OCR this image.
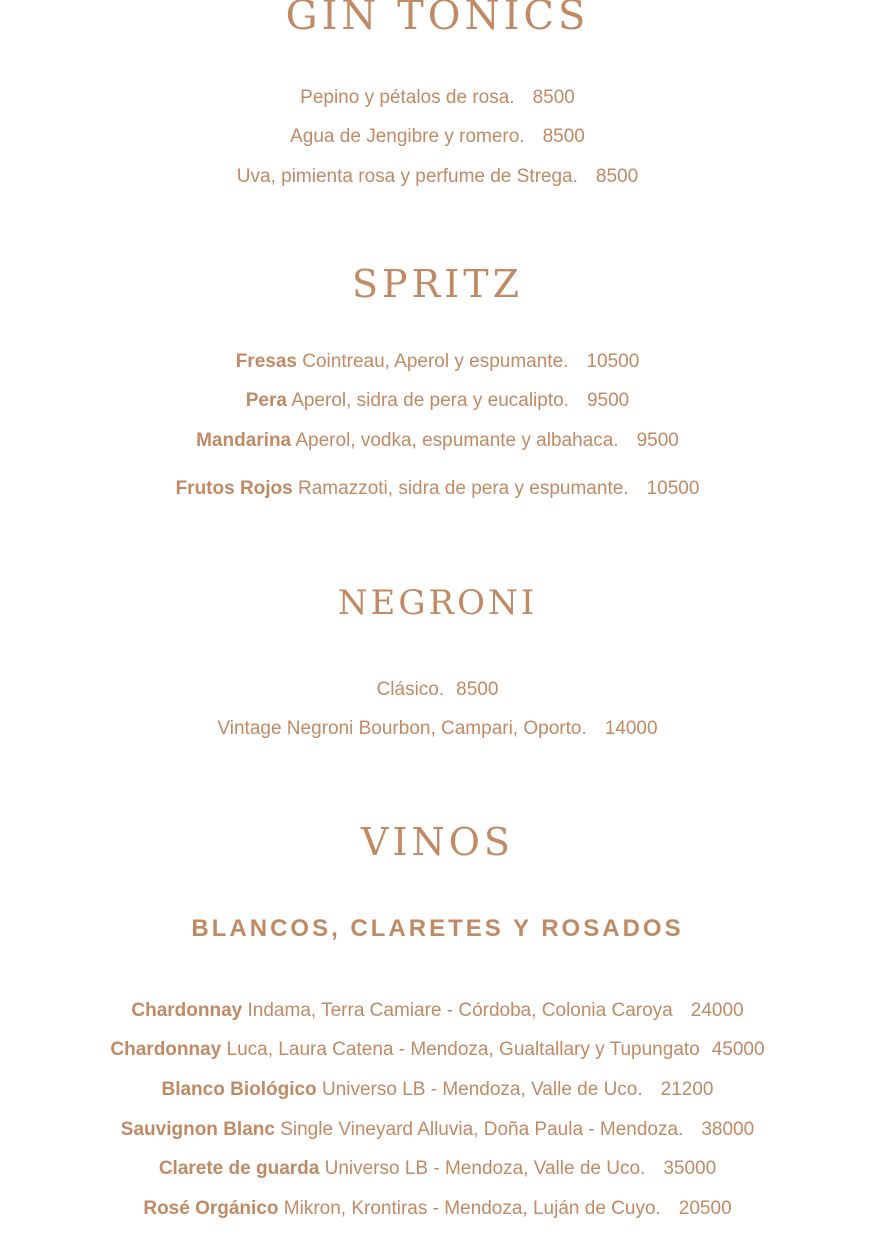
GIN TONICS
Pepino y pétalos de rosa. 8500
Agua de Jengibre y romero. 8500
Uva, pimienta rosa y perfume de Strega. 8500
SPRITZ
Fresas Cointreau, Aperol y espumante. 10500
Pera Aperol, sidra de pera y eucalipto. 9500
Mandarina Aperol, vodka, espumante y albahaca. 9500
Frutos Rojos Ramazzoti, sidra de pera y espumante. 10500
NEGRONI
Clásico. 8500
Vintage Negroni Bourbon, Campari, Oporto. 14000
VINOS
BLANCOS, CLARETES Y ROSADOS
Chardonnay Indama, Terra Camiare - Córdoba, Colonia Caroya 24000
Chardonnay Luca, Laura Catena - Mendoza, Gualtallary y Tupungato 45000
Blanco Biológico Universo LB - Mendoza, Valle de Uco. 21200
Sauvignon Blanc Single Vineyard Alluvia, Doña Paula - Mendoza. 38000
Clarete de guarda Universo LB - Mendoza, Valle de Uco. 35000
Rosé Orgánico Mikron, Krontiras - Mendoza, Luján de Cuyo. 20500
